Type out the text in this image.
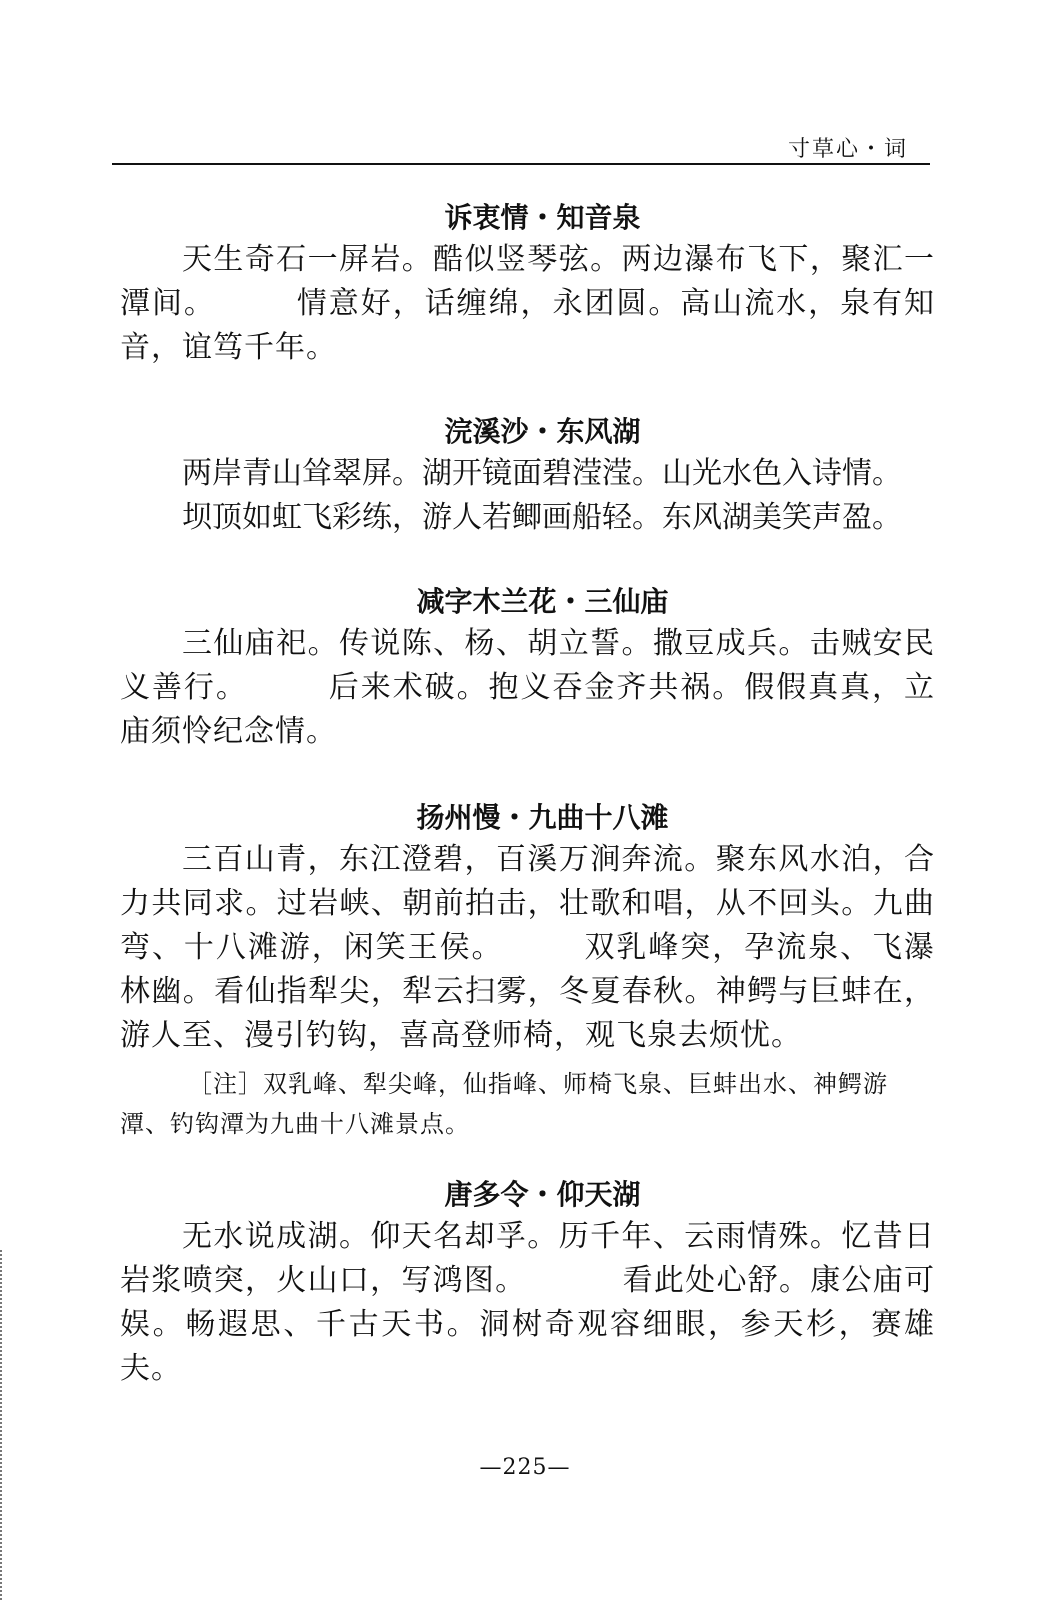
寸草心・词
诉衷情・知音泉

天生奇石一屏岩。酷似竖琴弦。两边瀑布飞下，聚汇一潭间。	情意好，话缠绵，永团圆。高山流水，泉有知音，谊笃千年。

浣溪沙・东风湖

两岸青山耸翠屏。湖开镜面碧滢滢。山光水色入诗情。

坝顶如虹飞彩练，游人若鲫画船轻。东风湖美笑声盈。

减字木兰花・三仙庙

三仙庙祀。传说陈、杨、胡立誓。撒豆成兵。击贼安民义善行。	后来术破。抱义吞金齐共祸。假假真真，立庙须怜纪念情。

扬州慢・九曲十八滩

三百山青，东江澄碧，百溪万涧奔流。聚东风水泊，合力共同求。过岩峡、朝前拍击，壮歌和唱，从不回头。九曲弯、十八滩游，闲笑王侯。	双乳峰突，孕流泉、飞瀑林幽。看仙指犁尖，犁云扫雾，冬夏春秋。神鳄与巨蚌在，游人至、漫引钓钩，喜高登师椅，观飞泉去烦忧。

［注］双乳峰、犁尖峰，仙指峰、师椅飞泉、巨蚌出水、神鳄游潭、钓钩潭为九曲十八滩景点。

唐多令・仰天湖

无水说成湖。仰天名却孚。历千年、云雨情殊。忆昔日岩浆喷突，火山口，写鸿图。	看此处心舒。康公庙可娱。畅遐思、千古天书。洞树奇观容细眼，参天杉，赛雄夫。

—225—
